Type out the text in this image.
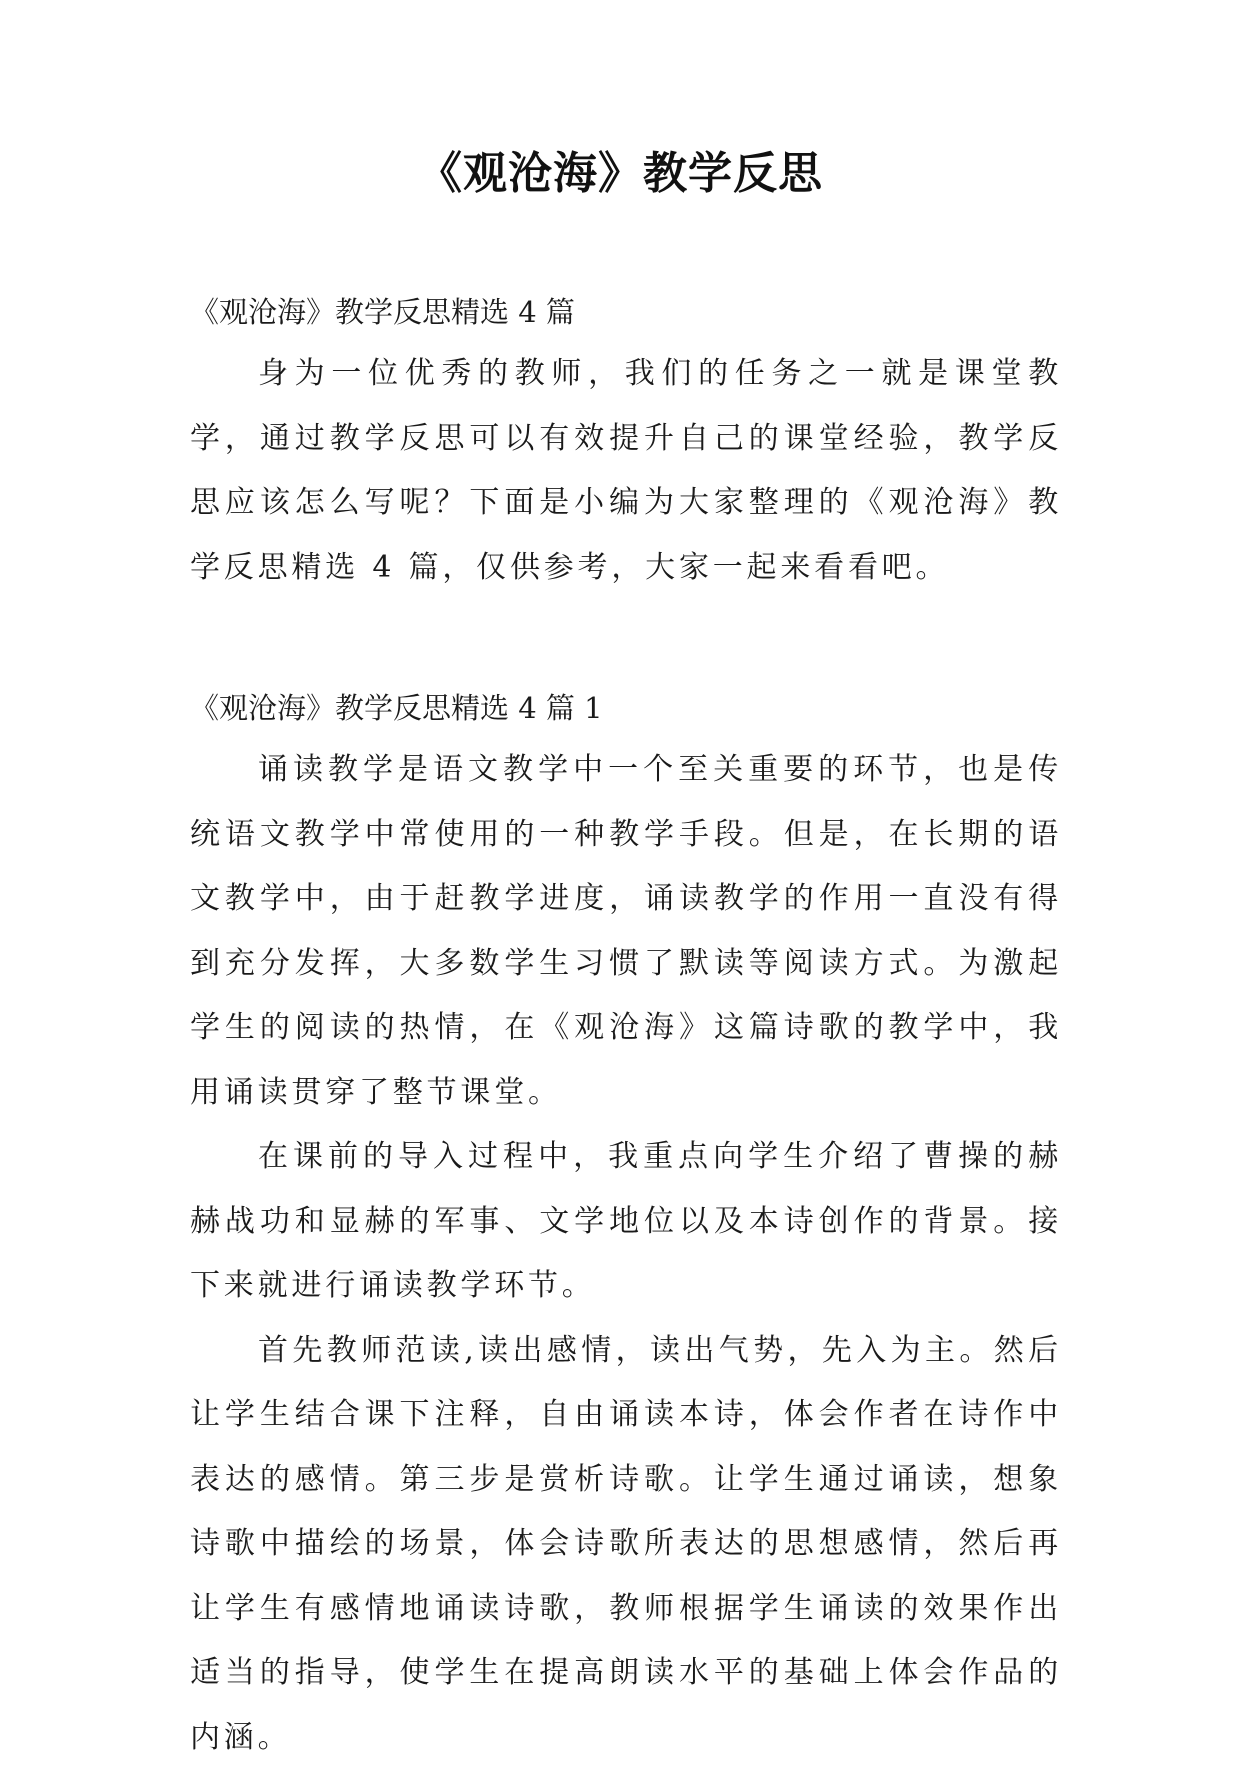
《观沧海》教学反思

《观沧海》教学反思精选 4 篇

身为一位优秀的教师，我们的任务之一就是课堂教学，通过教学反思可以有效提升自己的课堂经验，教学反思应该怎么写呢？下面是小编为大家整理的《观沧海》教学反思精选 4 篇，仅供参考，大家一起来看看吧。

《观沧海》教学反思精选 4 篇 1

诵读教学是语文教学中一个至关重要的环节，也是传统语文教学中常使用的一种教学手段。但是，在长期的语文教学中，由于赶教学进度，诵读教学的作用一直没有得到充分发挥，大多数学生习惯了默读等阅读方式。为激起学生的阅读的热情，在《观沧海》这篇诗歌的教学中，我用诵读贯穿了整节课堂。

在课前的导入过程中，我重点向学生介绍了曹操的赫赫战功和显赫的军事、文学地位以及本诗创作的背景。接下来就进行诵读教学环节。

首先教师范读,读出感情，读出气势，先入为主。然后让学生结合课下注释，自由诵读本诗，体会作者在诗作中表达的感情。第三步是赏析诗歌。让学生通过诵读，想象诗歌中描绘的场景，体会诗歌所表达的思想感情，然后再让学生有感情地诵读诗歌，教师根据学生诵读的效果作出适当的指导，使学生在提高朗读水平的基础上体会作品的内涵。
